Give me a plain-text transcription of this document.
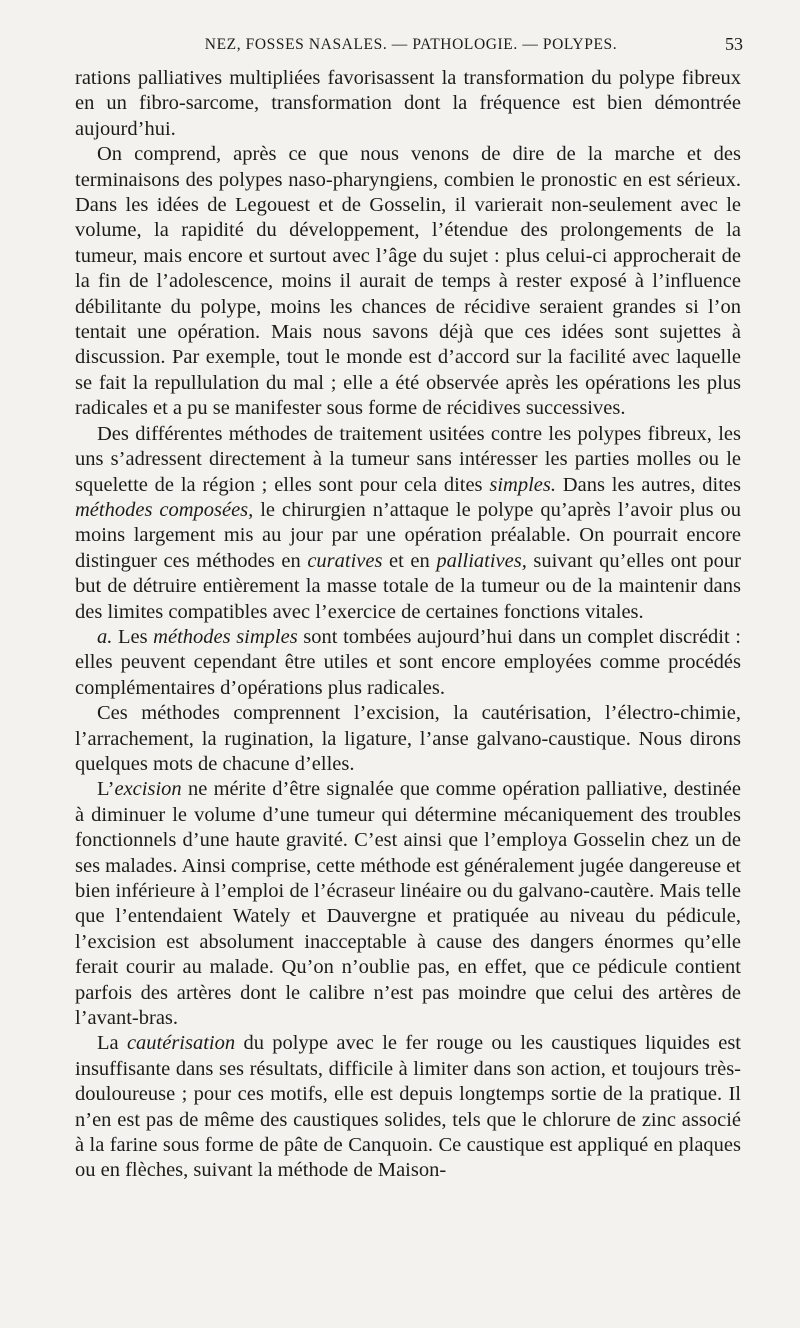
NEZ, FOSSES NASALES. — PATHOLOGIE. — POLYPES.	53

rations palliatives multipliées favorisassent la transformation du polype fibreux en un fibro-sarcome, transformation dont la fréquence est bien démontrée aujourd’hui.

On comprend, après ce que nous venons de dire de la marche et des terminaisons des polypes naso-pharyngiens, combien le pronostic en est sérieux. Dans les idées de Legouest et de Gosselin, il varierait non-seulement avec le volume, la rapidité du développement, l’étendue des prolongements de la tumeur, mais encore et surtout avec l’âge du sujet : plus celui-ci approcherait de la fin de l’adolescence, moins il aurait de temps à rester exposé à l’influence débilitante du polype, moins les chances de récidive seraient grandes si l’on tentait une opération. Mais nous savons déjà que ces idées sont sujettes à discussion. Par exemple, tout le monde est d’accord sur la facilité avec laquelle se fait la repullulation du mal ; elle a été observée après les opérations les plus radicales et a pu se manifester sous forme de récidives successives.

Des différentes méthodes de traitement usitées contre les polypes fibreux, les uns s’adressent directement à la tumeur sans intéresser les parties molles ou le squelette de la région ; elles sont pour cela dites simples. Dans les autres, dites méthodes composées, le chirurgien n’attaque le polype qu’après l’avoir plus ou moins largement mis au jour par une opération préalable. On pourrait encore distinguer ces méthodes en curatives et en palliatives, suivant qu’elles ont pour but de détruire entièrement la masse totale de la tumeur ou de la maintenir dans des limites compatibles avec l’exercice de certaines fonctions vitales.

a. Les méthodes simples sont tombées aujourd’hui dans un complet discrédit : elles peuvent cependant être utiles et sont encore employées comme procédés complémentaires d’opérations plus radicales.

Ces méthodes comprennent l’excision, la cautérisation, l’électro-chimie, l’arrachement, la rugination, la ligature, l’anse galvano-caustique. Nous dirons quelques mots de chacune d’elles.

L’excision ne mérite d’être signalée que comme opération palliative, destinée à diminuer le volume d’une tumeur qui détermine mécaniquement des troubles fonctionnels d’une haute gravité. C’est ainsi que l’employa Gosselin chez un de ses malades. Ainsi comprise, cette méthode est généralement jugée dangereuse et bien inférieure à l’emploi de l’écraseur linéaire ou du galvano-cautère. Mais telle que l’entendaient Wately et Dauvergne et pratiquée au niveau du pédicule, l’excision est absolument inacceptable à cause des dangers énormes qu’elle ferait courir au malade. Qu’on n’oublie pas, en effet, que ce pédicule contient parfois des artères dont le calibre n’est pas moindre que celui des artères de l’avant-bras.

La cautérisation du polype avec le fer rouge ou les caustiques liquides est insuffisante dans ses résultats, difficile à limiter dans son action, et toujours très-douloureuse ; pour ces motifs, elle est depuis longtemps sortie de la pratique. Il n’en est pas de même des caustiques solides, tels que le chlorure de zinc associé à la farine sous forme de pâte de Canquoin. Ce caustique est appliqué en plaques ou en flèches, suivant la méthode de Maison-
